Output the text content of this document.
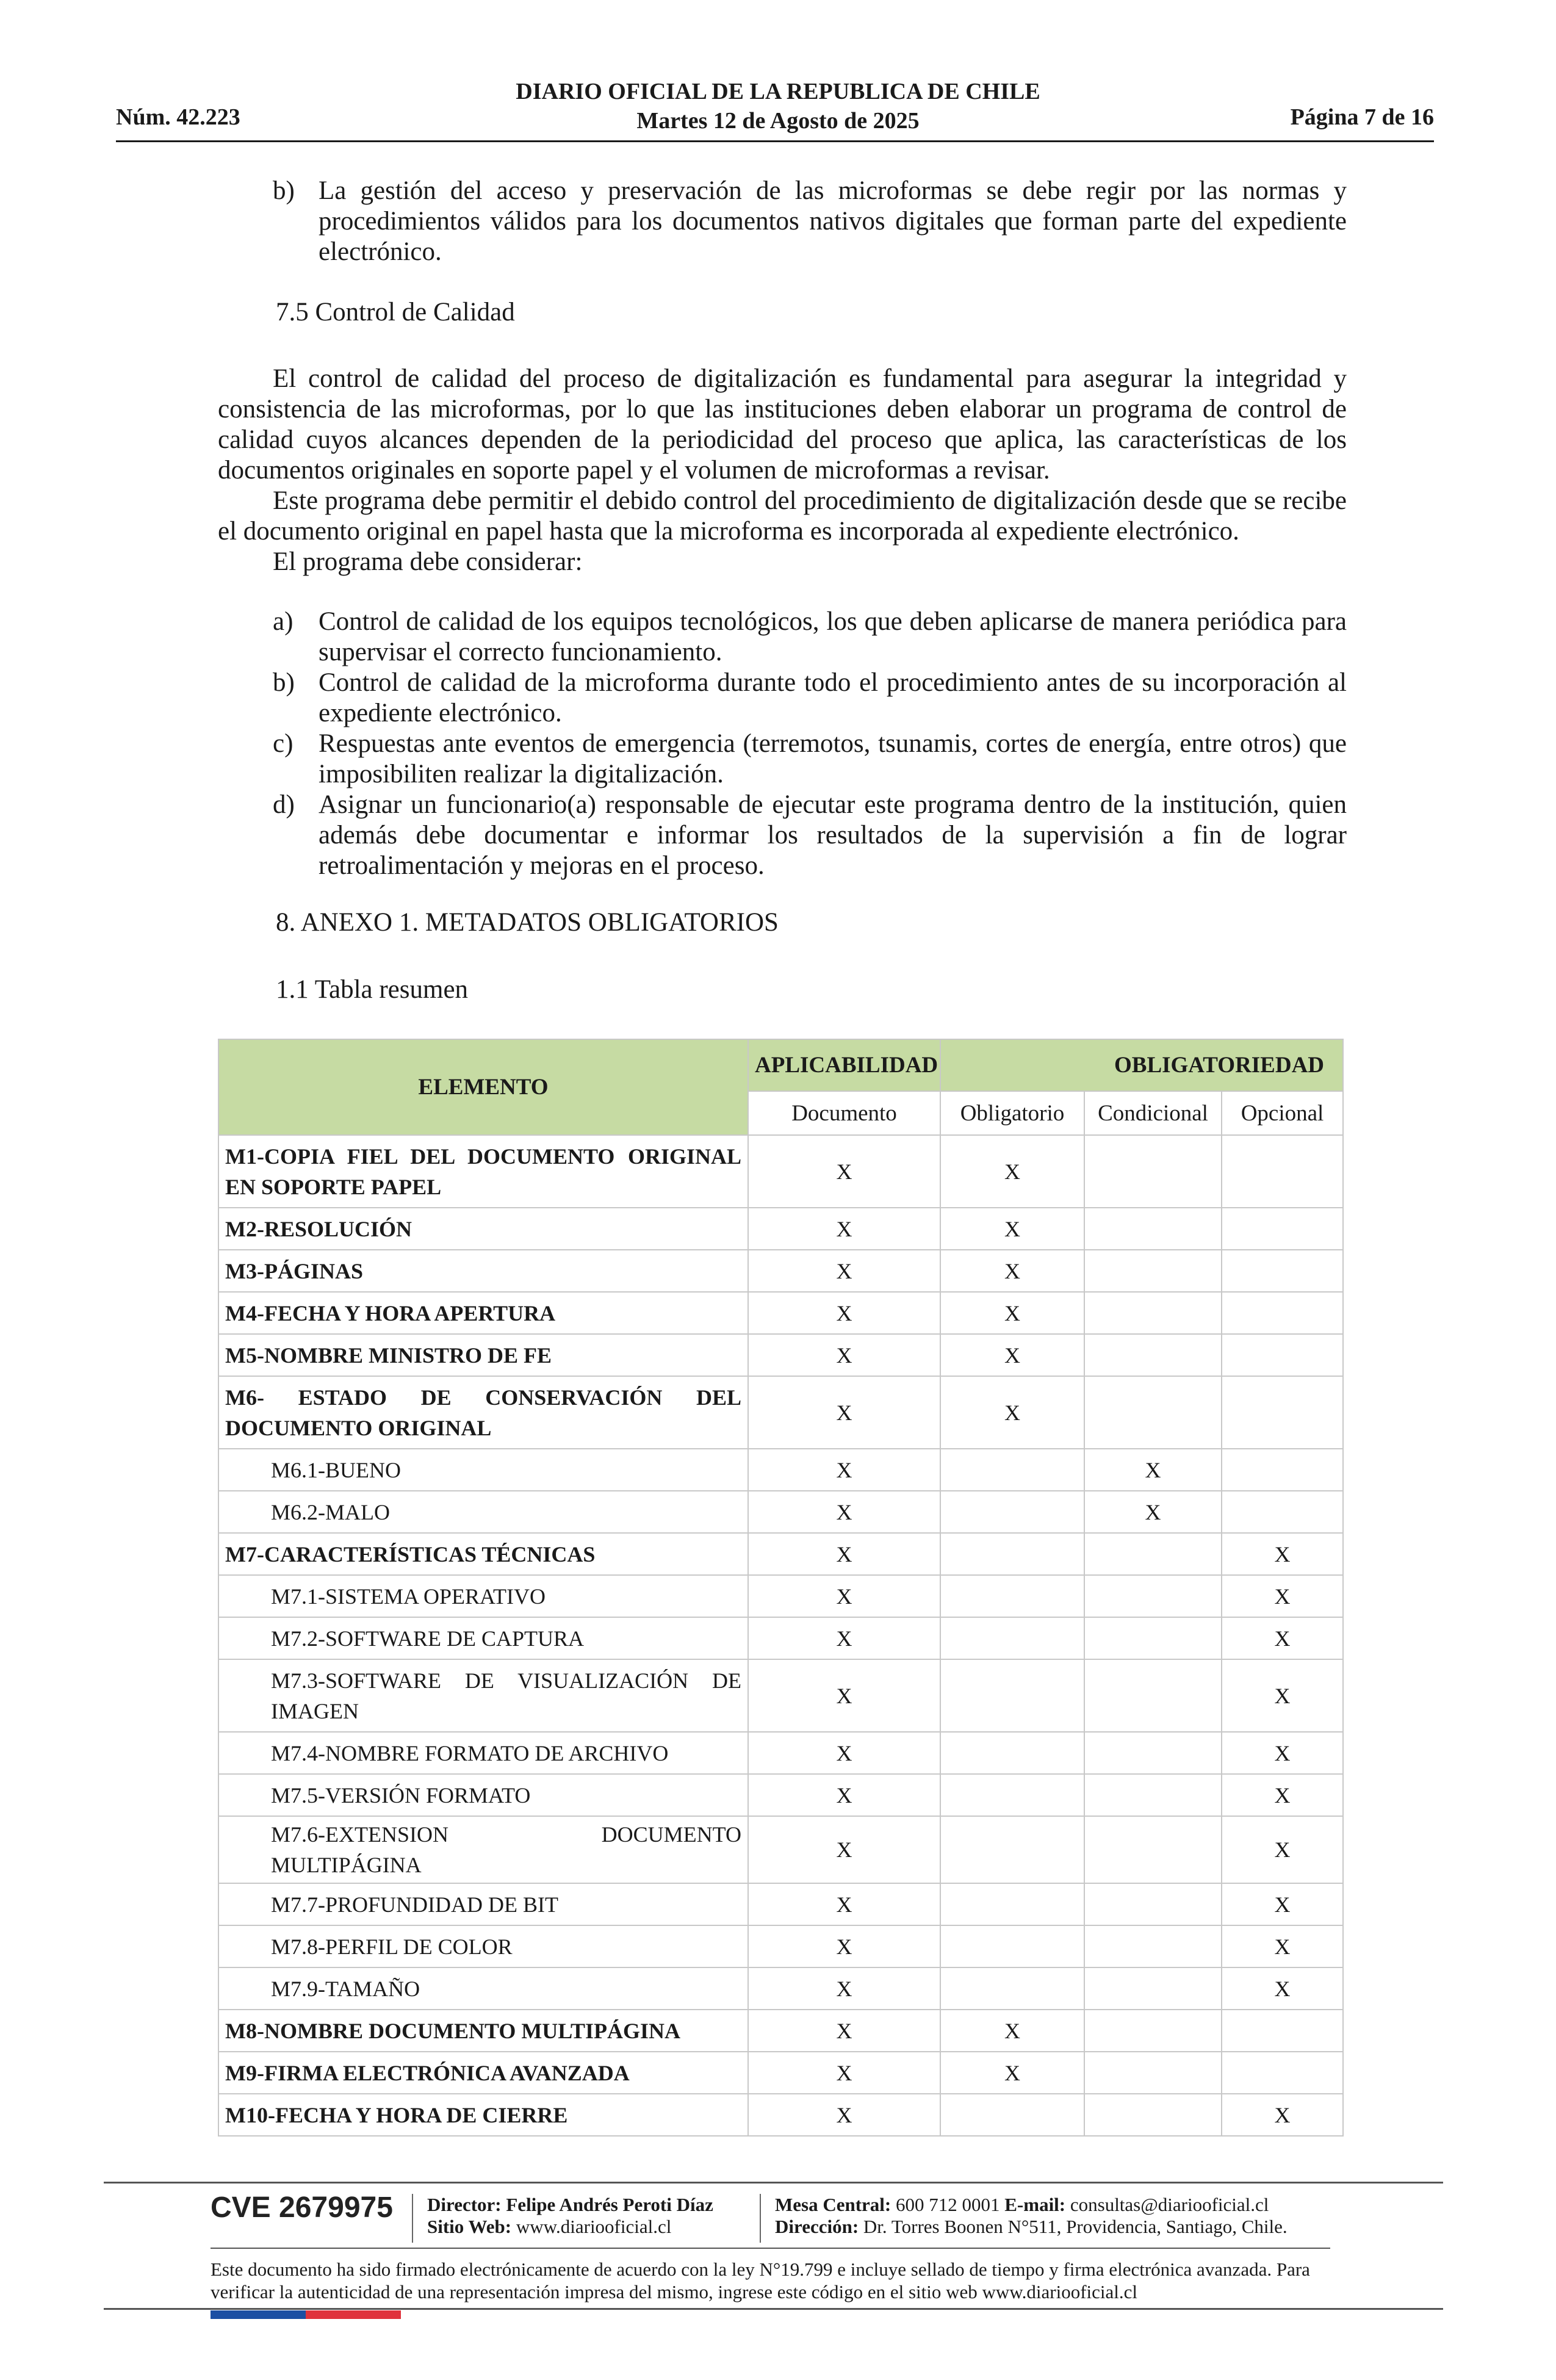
Núm. 42.223
DIARIO OFICIAL DE LA REPUBLICA DE CHILE
Martes 12 de Agosto de 2025	Página 7 de 16
b) La gestión del acceso y preservación de las microformas se debe regir por las normas y procedimientos válidos para los documentos nativos digitales que forman parte del expediente electrónico.
7.5 Control de Calidad
El control de calidad del proceso de digitalización es fundamental para asegurar la integridad y consistencia de las microformas, por lo que las instituciones deben elaborar un programa de control de calidad cuyos alcances dependen de la periodicidad del proceso que aplica, las características de los documentos originales en soporte papel y el volumen de microformas a revisar.
Este programa debe permitir el debido control del procedimiento de digitalización desde que se recibe el documento original en papel hasta que la microforma es incorporada al expediente electrónico.
El programa debe considerar:
a) Control de calidad de los equipos tecnológicos, los que deben aplicarse de manera periódica para supervisar el correcto funcionamiento.
b) Control de calidad de la microforma durante todo el procedimiento antes de su incorporación al expediente electrónico.
c) Respuestas ante eventos de emergencia (terremotos, tsunamis, cortes de energía, entre otros) que imposibiliten realizar la digitalización.
d) Asignar un funcionario(a) responsable de ejecutar este programa dentro de la institución, quien además debe documentar e informar los resultados de la supervisión a fin de lograr retroalimentación y mejoras en el proceso.
8. ANEXO 1. METADATOS OBLIGATORIOS
1.1 Tabla resumen
ELEMENTO	APLICABILIDAD	OBLIGATORIEDAD		
	Documento	Obligatorio	Condicional	Opcional
M1-COPIA FIEL DEL DOCUMENTO ORIGINAL EN SOPORTE PAPEL	X	X		
M2-RESOLUCIÓN	X	X		
M3-PÁGINAS	X	X		
M4-FECHA Y HORA APERTURA	X	X		
M5-NOMBRE MINISTRO DE FE	X	X		
M6- ESTADO DE CONSERVACIÓN DEL DOCUMENTO ORIGINAL	X	X		
M6.1-BUENO	X		X	
M6.2-MALO	X		X	
M7-CARACTERÍSTICAS TÉCNICAS	X			X
M7.1-SISTEMA OPERATIVO	X			X
M7.2-SOFTWARE DE CAPTURA	X			X
M7.3-SOFTWARE DE VISUALIZACIÓN DE IMAGEN	X			X
M7.4-NOMBRE FORMATO DE ARCHIVO	X			X
M7.5-VERSIÓN FORMATO	X			X
M7.6-EXTENSION DOCUMENTO MULTIPÁGINA	X			X
M7.7-PROFUNDIDAD DE BIT	X			X
M7.8-PERFIL DE COLOR	X			X
M7.9-TAMAÑO	X			X
M8-NOMBRE DOCUMENTO MULTIPÁGINA	X	X		
M9-FIRMA ELECTRÓNICA AVANZADA	X	X		
M10-FECHA Y HORA DE CIERRE	X			X
CVE 2679975 Director: Felipe Andrés Peroti Díaz
Sitio Web: www.diariooficial.cl
Mesa Central: 600 712 0001 E-mail: consultas@diariooficial.cl
Dirección: Dr. Torres Boonen N°511, Providencia, Santiago, Chile.
Este documento ha sido firmado electrónicamente de acuerdo con la ley N°19.799 e incluye sellado de tiempo y firma electrónica avanzada. Para verificar la autenticidad de una representación impresa del mismo, ingrese este código en el sitio web www.diariooficial.cl
